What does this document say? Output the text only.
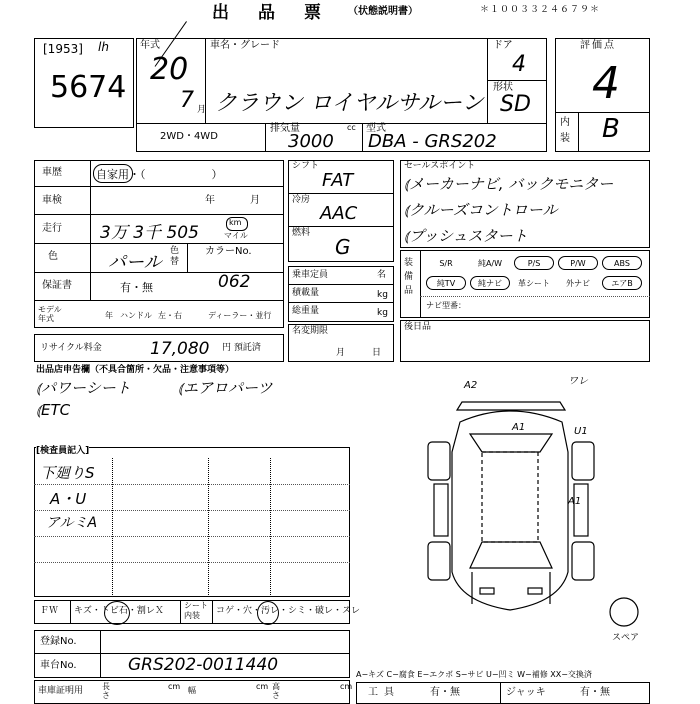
出　品　票 （状態説明書）	＊１００３３２４６７９＊
[1953] lh
5674
年式
20
7 月
車名・グレード
クラウン ロイヤルサルーン
ドア
4
形状
SD
2WD・4WD
排気量	cc
3000
型式
DBA - GRS202
評価点
4
内装 B
車歴	自家用・（　　　　　　）
車検	年	月
走行 3万 3千 505
km
マイル
色	パール
色替
カラーNo.
062
保証書	有・無
モデル年式	年 ハンドル 左・右	ディーラー・並行
リサイクル料金	17,080 円 預託済
シフト
FAT
冷房
AAC
燃料
G
乗車定員	名
積載量	kg
総重量	kg
名変期限
月	日
セールスポイント
⦅メーカーナビ, バックモニター
⦅クルーズコントロール
⦅プッシュスタート
装備品
S/R	純A/W	P/S	P/W	ABS
純TV	純ナビ	革シート	外ナビ	エアB
ナビ型番：
後日品
出品店申告欄（不具合箇所・欠品・注意事項等）
⦅パワーシート	⦅エアロパーツ
⦅ETC
[検査員記入]
下廻りS
A・U
アルミA
A2	ワレ
A1	U1
A1
スペア
ＦＷ キズ・トビ石・割レＸ
シート内装	コゲ・穴・汚レ・シミ・破レ・スレ
登録No.
車台No.	GRS202-0011440
車庫証明用 長さ
cm 幅	cm 高さ
cm
A−キズ C−腐食 E−エクボ S−サビ U−凹ミ W−補修 XX−交換済
工具	有・無	ジャッキ	有・無
